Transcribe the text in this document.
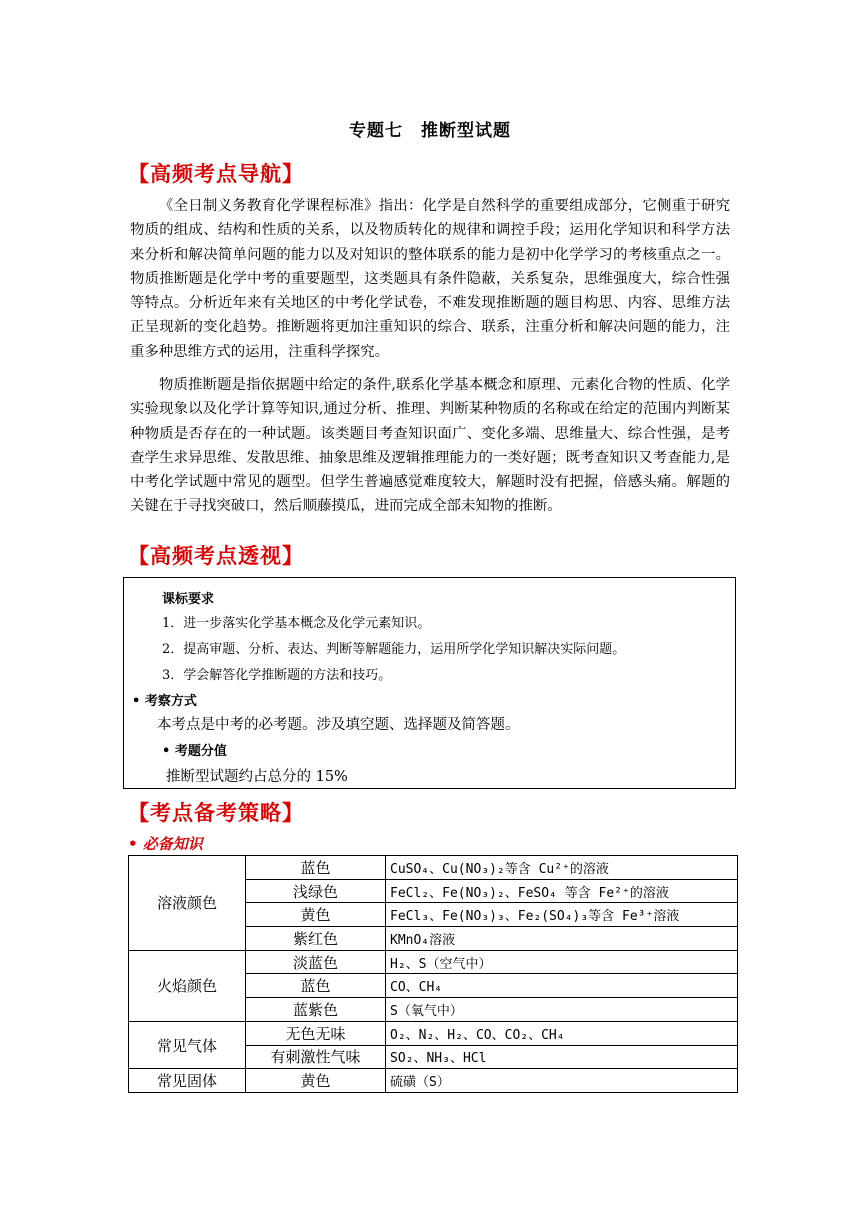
专题七　推断型试题
【高频考点导航】

《全日制义务教育化学课程标准》指出：化学是自然科学的重要组成部分，它侧重于研究物质的组成、结构和性质的关系，以及物质转化的规律和调控手段；运用化学知识和科学方法来分析和解决简单问题的能力以及对知识的整体联系的能力是初中化学学习的考核重点之一。物质推断题是化学中考的重要题型，这类题具有条件隐蔽，关系复杂，思维强度大，综合性强等特点。分析近年来有关地区的中考化学试卷，不难发现推断题的题目构思、内容、思维方法正呈现新的变化趋势。推断题将更加注重知识的综合、联系，注重分析和解决问题的能力，注重多种思维方式的运用，注重科学探究。

物质推断题是指依据题中给定的条件,联系化学基本概念和原理、元素化合物的性质、化学实验现象以及化学计算等知识,通过分析、推理、判断某种物质的名称或在给定的范围内判断某种物质是否存在的一种试题。该类题目考查知识面广、变化多端、思维量大、综合性强，是考查学生求异思维、发散思维、抽象思维及逻辑推理能力的一类好题；既考查知识又考查能力,是中考化学试题中常见的题型。但学生普遍感觉难度较大，解题时没有把握，倍感头痛。解题的关键在于寻找突破口，然后顺藤摸瓜，进而完成全部未知物的推断。

【高频考点透视】
课标要求
1．进一步落实化学基本概念及化学元素知识。
2．提高审题、分析、表达、判断等解题能力，运用所学化学知识解决实际问题。
3．学会解答化学推断题的方法和技巧。
• 考察方式
本考点是中考的必考题。涉及填空题、选择题及简答题。
• 考题分值
推断型试题约占总分的 15%
【考点备考策略】
• 必备知识
溶液颜色	蓝色	CuSO₄、Cu(NO₃)₂等含 Cu²⁺的溶液
	浅绿色	FeCl₂、Fe(NO₃)₂、FeSO₄ 等含 Fe²⁺的溶液
	黄色	FeCl₃、Fe(NO₃)₃、Fe₂(SO₄)₃等含 Fe³⁺溶液
	紫红色	KMnO₄溶液
火焰颜色	淡蓝色	H₂、S（空气中）
	蓝色	CO、CH₄
	蓝紫色	S（氧气中）
常见气体	无色无味	O₂、N₂、H₂、CO、CO₂、CH₄
	有刺激性气味	SO₂、NH₃、HCl
常见固体	黄色	硫磺（S）
